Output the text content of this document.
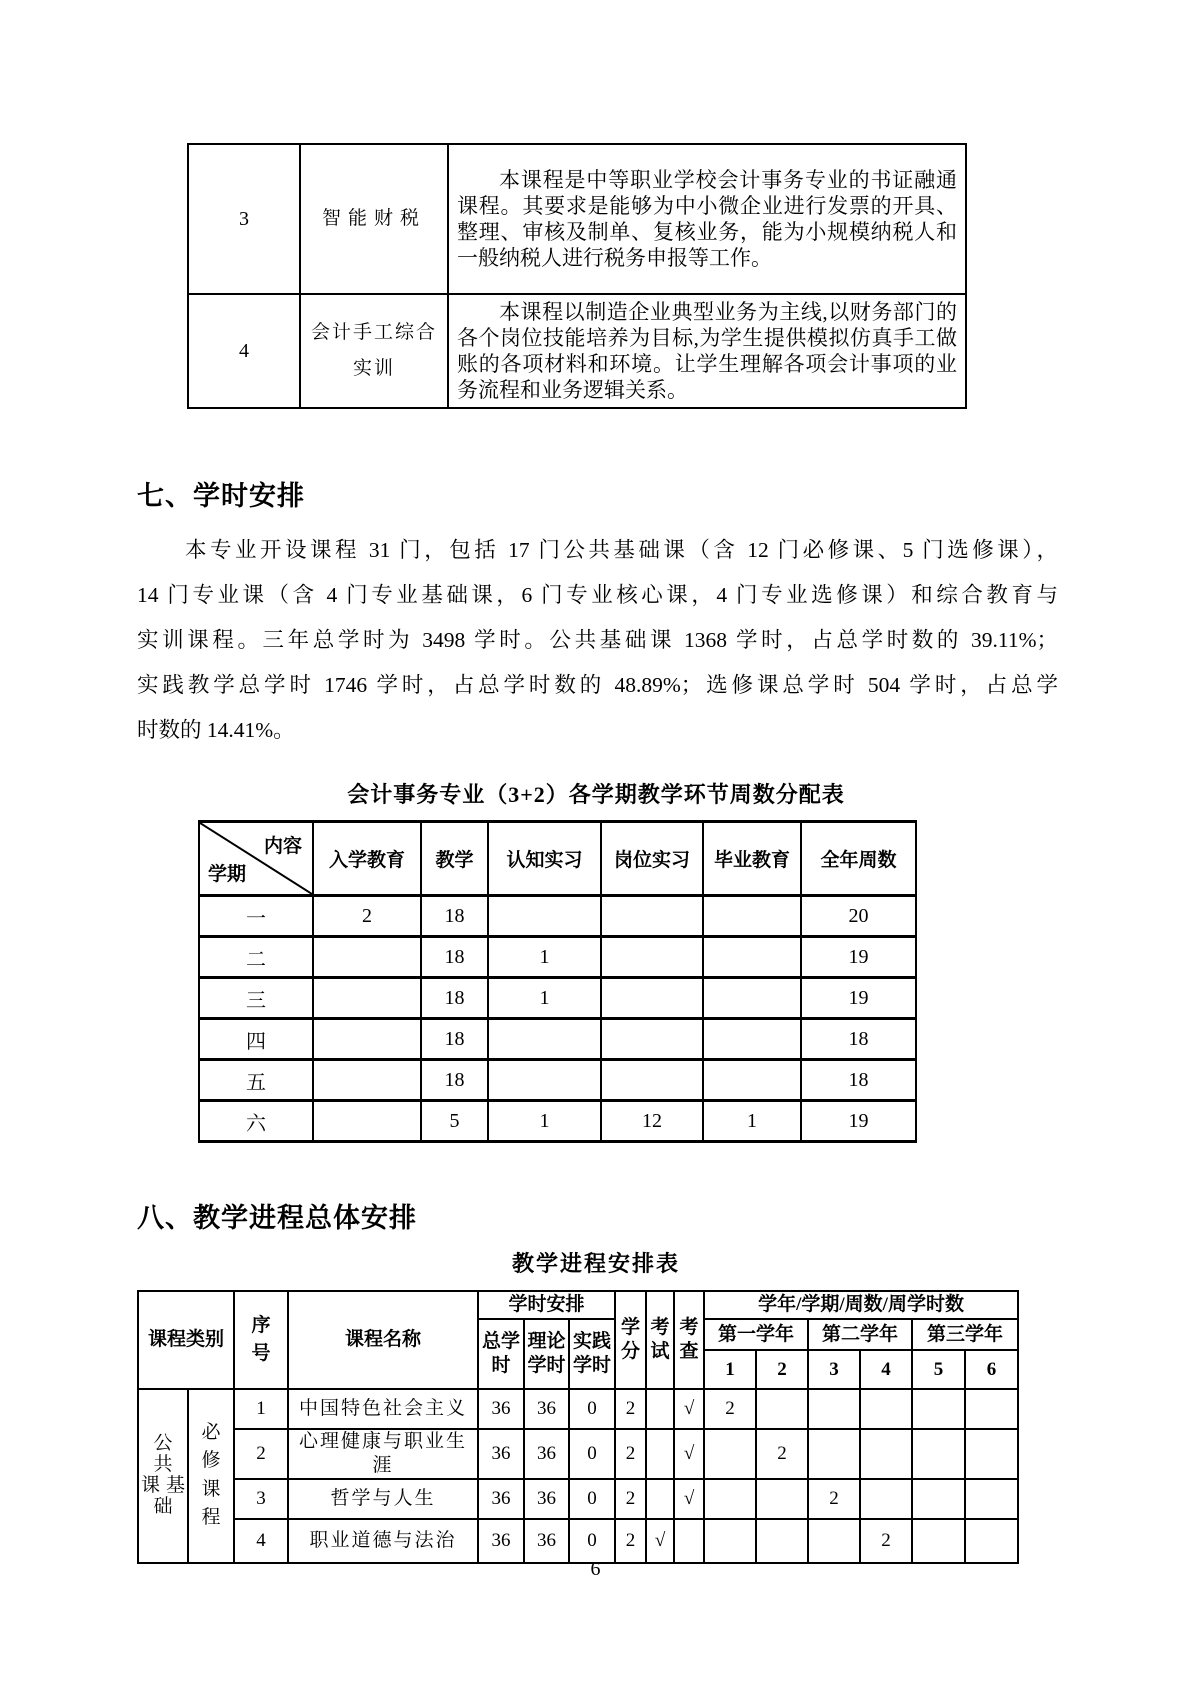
3	智能财税	本课程是中等职业学校会计事务专业的书证融通课程。其要求是能够为中小微企业进行发票的开具、整理、审核及制单、复核业务，能为小规模纳税人和一般纳税人进行税务申报等工作。
4	会计手工综合实训	本课程以制造企业典型业务为主线,以财务部门的各个岗位技能培养为目标,为学生提供模拟仿真手工做账的各项材料和环境。让学生理解各项会计事项的业务流程和业务逻辑关系。
七、学时安排
本专业开设课程 31 门，包括 17 门公共基础课（含 12 门必修课、5 门选修课），
14 门专业课（含 4 门专业基础课，6 门专业核心课，4 门专业选修课）和综合教育与
实训课程。三年总学时为 3498 学时。公共基础课 1368 学时，占总学时数的 39.11%；
实践教学总学时 1746 学时，占总学时数的 48.89%；选修课总学时 504 学时，占总学
时数的 14.41%。
会计事务专业（3+2）各学期教学环节周数分配表
内容
学期	入学教育	教学	认知实习	岗位实习	毕业教育	全年周数
一	2	18				20
二		18	1			19
三		18	1			19
四		18				18
五		18				18
六		5	1	12	1	19
八、教学进程总体安排
教学进程安排表
课程类别		序号	课程名称	学时安排			学分	考试	考查	学年/学期/周数/周学时数					
				总学时	理论学时	实践学时				第一学年		第二学年		第三学年	
										1	2	3	4	5	6

公
共
课 基
础	必修课程	1	中国特色社会主义	36	36	0	2		√	2					
		2	心理健康与职业生涯	36	36	0	2		√		2				
		3	哲学与人生	36	36	0	2		√			2			
		4	职业道德与法治	36	36	0	2	√					2		
6
